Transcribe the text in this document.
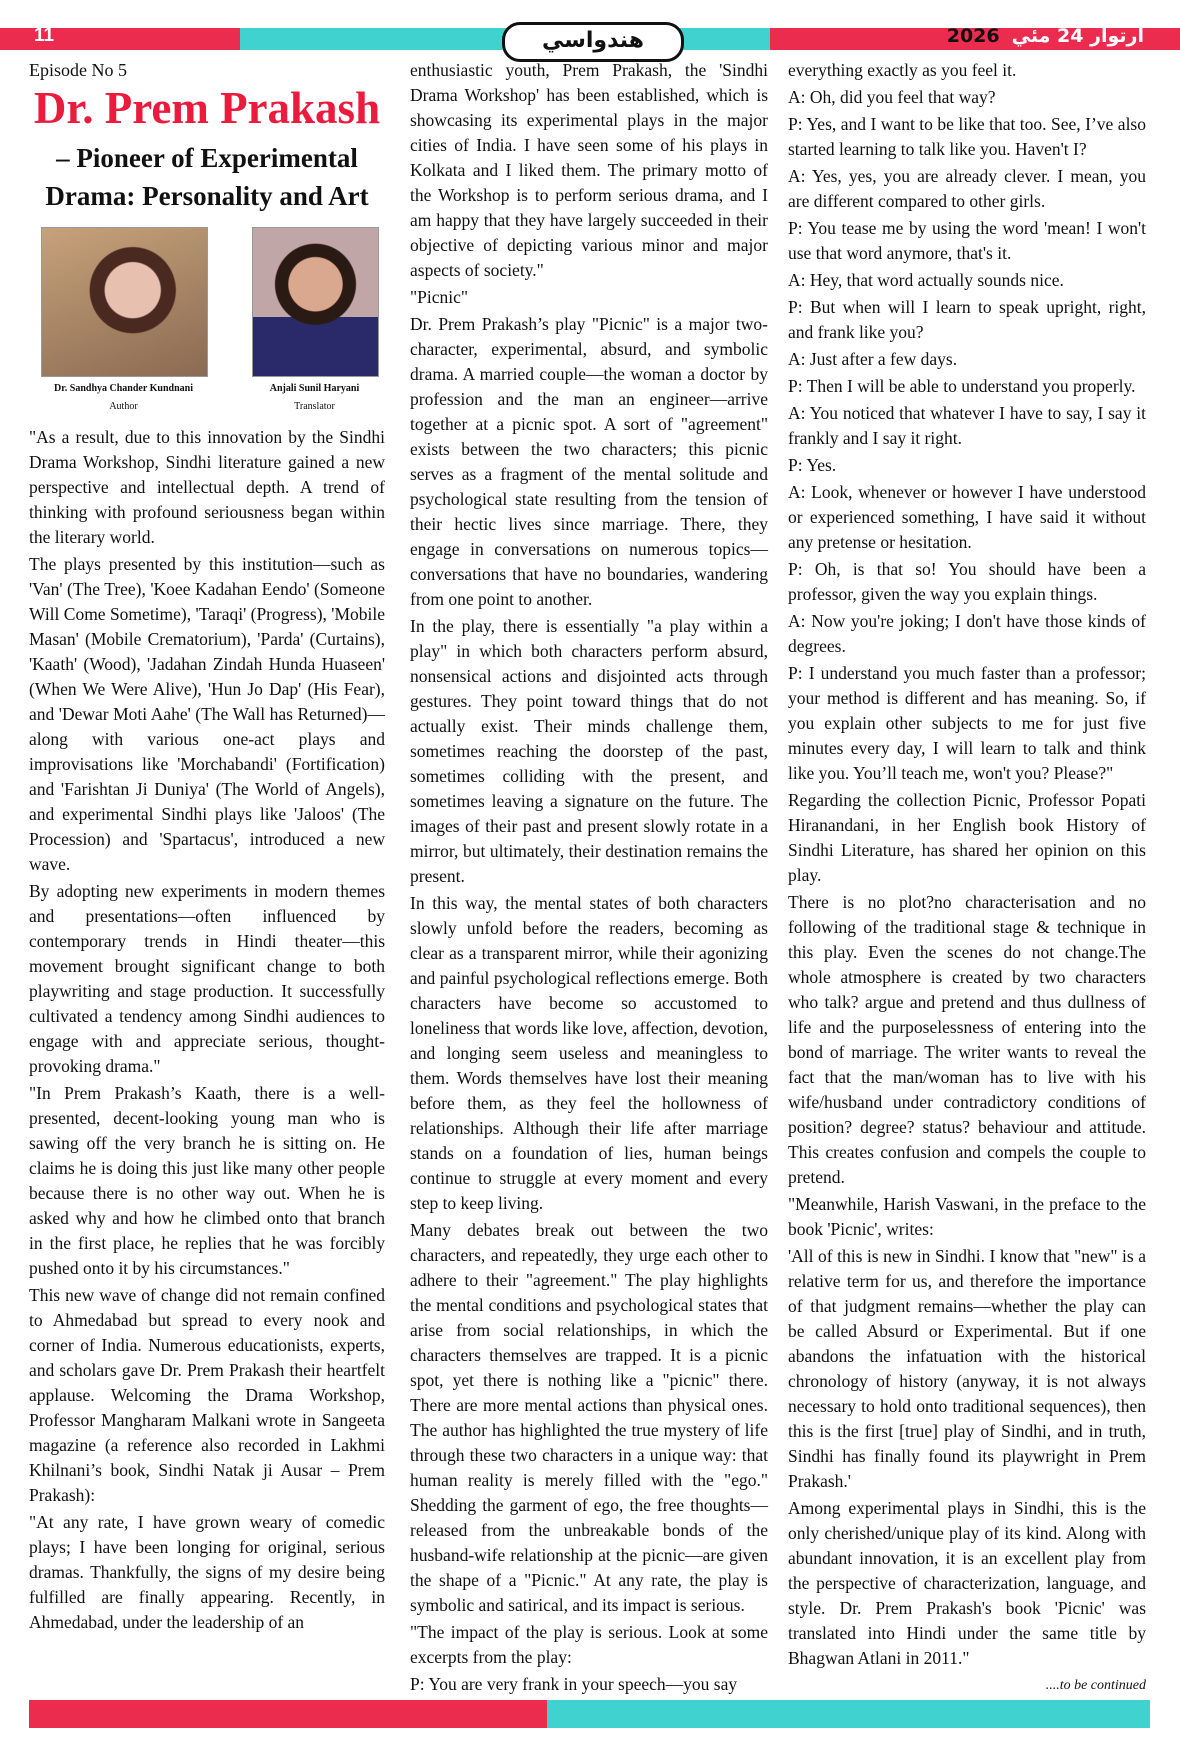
11	هندواسي	2026 آرتوار 24 مئي
Episode No 5
Dr. Prem Prakash
– Pioneer of Experimental Drama: Personality and Art
Dr. Sandhya Chander Kundnani
Author
Anjali Sunil Haryani
Translator

"As a result, due to this innovation by the Sindhi Drama Workshop, Sindhi literature gained a new perspective and intellectual depth. A trend of thinking with profound seriousness began within the literary world.

The plays presented by this institution—such as 'Van' (The Tree), 'Koee Kadahan Eendo' (Someone Will Come Sometime), 'Taraqi' (Progress), 'Mobile Masan' (Mobile Crematorium), 'Parda' (Curtains), 'Kaath' (Wood), 'Jadahan Zindah Hunda Huaseen' (When We Were Alive), 'Hun Jo Dap' (His Fear), and 'Dewar Moti Aahe' (The Wall has Returned)—along with various one-act plays and improvisations like 'Morchabandi' (Fortification) and 'Farishtan Ji Duniya' (The World of Angels), and experimental Sindhi plays like 'Jaloos' (The Procession) and 'Spartacus', introduced a new wave.

By adopting new experiments in modern themes and presentations—often influenced by contemporary trends in Hindi theater—this movement brought significant change to both playwriting and stage production. It successfully cultivated a tendency among Sindhi audiences to engage with and appreciate serious, thought-provoking drama."

"In Prem Prakash’s Kaath, there is a well-presented, decent-looking young man who is sawing off the very branch he is sitting on. He claims he is doing this just like many other people because there is no other way out. When he is asked why and how he climbed onto that branch in the first place, he replies that he was forcibly pushed onto it by his circumstances."

This new wave of change did not remain confined to Ahmedabad but spread to every nook and corner of India. Numerous educationists, experts, and scholars gave Dr. Prem Prakash their heartfelt applause. Welcoming the Drama Workshop, Professor Mangharam Malkani wrote in Sangeeta magazine (a reference also recorded in Lakhmi Khilnani’s book, Sindhi Natak ji Ausar – Prem Prakash):

"At any rate, I have grown weary of comedic plays; I have been longing for original, serious dramas. Thankfully, the signs of my desire being fulfilled are finally appearing. Recently, in Ahmedabad, under the leadership of an

enthusiastic youth, Prem Prakash, the 'Sindhi Drama Workshop' has been established, which is showcasing its experimental plays in the major cities of India. I have seen some of his plays in Kolkata and I liked them. The primary motto of the Workshop is to perform serious drama, and I am happy that they have largely succeeded in their objective of depicting various minor and major aspects of society."

"Picnic"

Dr. Prem Prakash’s play "Picnic" is a major two-character, experimental, absurd, and symbolic drama. A married couple—the woman a doctor by profession and the man an engineer—arrive together at a picnic spot. A sort of "agreement" exists between the two characters; this picnic serves as a fragment of the mental solitude and psychological state resulting from the tension of their hectic lives since marriage. There, they engage in conversations on numerous topics—conversations that have no boundaries, wandering from one point to another.

In the play, there is essentially "a play within a play" in which both characters perform absurd, nonsensical actions and disjointed acts through gestures. They point toward things that do not actually exist. Their minds challenge them, sometimes reaching the doorstep of the past, sometimes colliding with the present, and sometimes leaving a signature on the future. The images of their past and present slowly rotate in a mirror, but ultimately, their destination remains the present.

In this way, the mental states of both characters slowly unfold before the readers, becoming as clear as a transparent mirror, while their agonizing and painful psychological reflections emerge. Both characters have become so accustomed to loneliness that words like love, affection, devotion, and longing seem useless and meaningless to them. Words themselves have lost their meaning before them, as they feel the hollowness of relationships. Although their life after marriage stands on a foundation of lies, human beings continue to struggle at every moment and every step to keep living.

Many debates break out between the two characters, and repeatedly, they urge each other to adhere to their "agreement." The play highlights the mental conditions and psychological states that arise from social relationships, in which the characters themselves are trapped. It is a picnic spot, yet there is nothing like a "picnic" there. There are more mental actions than physical ones. The author has highlighted the true mystery of life through these two characters in a unique way: that human reality is merely filled with the "ego." Shedding the garment of ego, the free thoughts—released from the unbreakable bonds of the husband-wife relationship at the picnic—are given the shape of a "Picnic." At any rate, the play is symbolic and satirical, and its impact is serious.

"The impact of the play is serious. Look at some excerpts from the play:

P: You are very frank in your speech—you say

everything exactly as you feel it.

A: Oh, did you feel that way?

P: Yes, and I want to be like that too. See, I’ve also started learning to talk like you. Haven't I?

A: Yes, yes, you are already clever. I mean, you are different compared to other girls.

P: You tease me by using the word 'mean! I won't use that word anymore, that's it.

A: Hey, that word actually sounds nice.

P: But when will I learn to speak upright, right, and frank like you?

A: Just after a few days.

P: Then I will be able to understand you properly.

A: You noticed that whatever I have to say, I say it frankly and I say it right.

P: Yes.

A: Look, whenever or however I have understood or experienced something, I have said it without any pretense or hesitation.

P: Oh, is that so! You should have been a professor, given the way you explain things.

A: Now you're joking; I don't have those kinds of degrees.

P: I understand you much faster than a professor; your method is different and has meaning. So, if you explain other subjects to me for just five minutes every day, I will learn to talk and think like you. You’ll teach me, won't you? Please?"

Regarding the collection Picnic, Professor Popati Hiranandani, in her English book History of Sindhi Literature, has shared her opinion on this play.

There is no plot?no characterisation and no following of the traditional stage & technique in this play. Even the scenes do not change.The whole atmosphere is created by two characters who talk? argue and pretend and thus dullness of life and the purposelessness of entering into the bond of marriage. The writer wants to reveal the fact that the man/woman has to live with his wife/husband under contradictory conditions of position? degree? status? behaviour and attitude. This creates confusion and compels the couple to pretend.

"Meanwhile, Harish Vaswani, in the preface to the book 'Picnic', writes:

'All of this is new in Sindhi. I know that "new" is a relative term for us, and therefore the importance of that judgment remains—whether the play can be called Absurd or Experimental. But if one abandons the infatuation with the historical chronology of history (anyway, it is not always necessary to hold onto traditional sequences), then this is the first [true] play of Sindhi, and in truth, Sindhi has finally found its playwright in Prem Prakash.'

Among experimental plays in Sindhi, this is the only cherished/unique play of its kind. Along with abundant innovation, it is an excellent play from the perspective of characterization, language, and style. Dr. Prem Prakash's book 'Picnic' was translated into Hindi under the same title by Bhagwan Atlani in 2011."

....to be continued
